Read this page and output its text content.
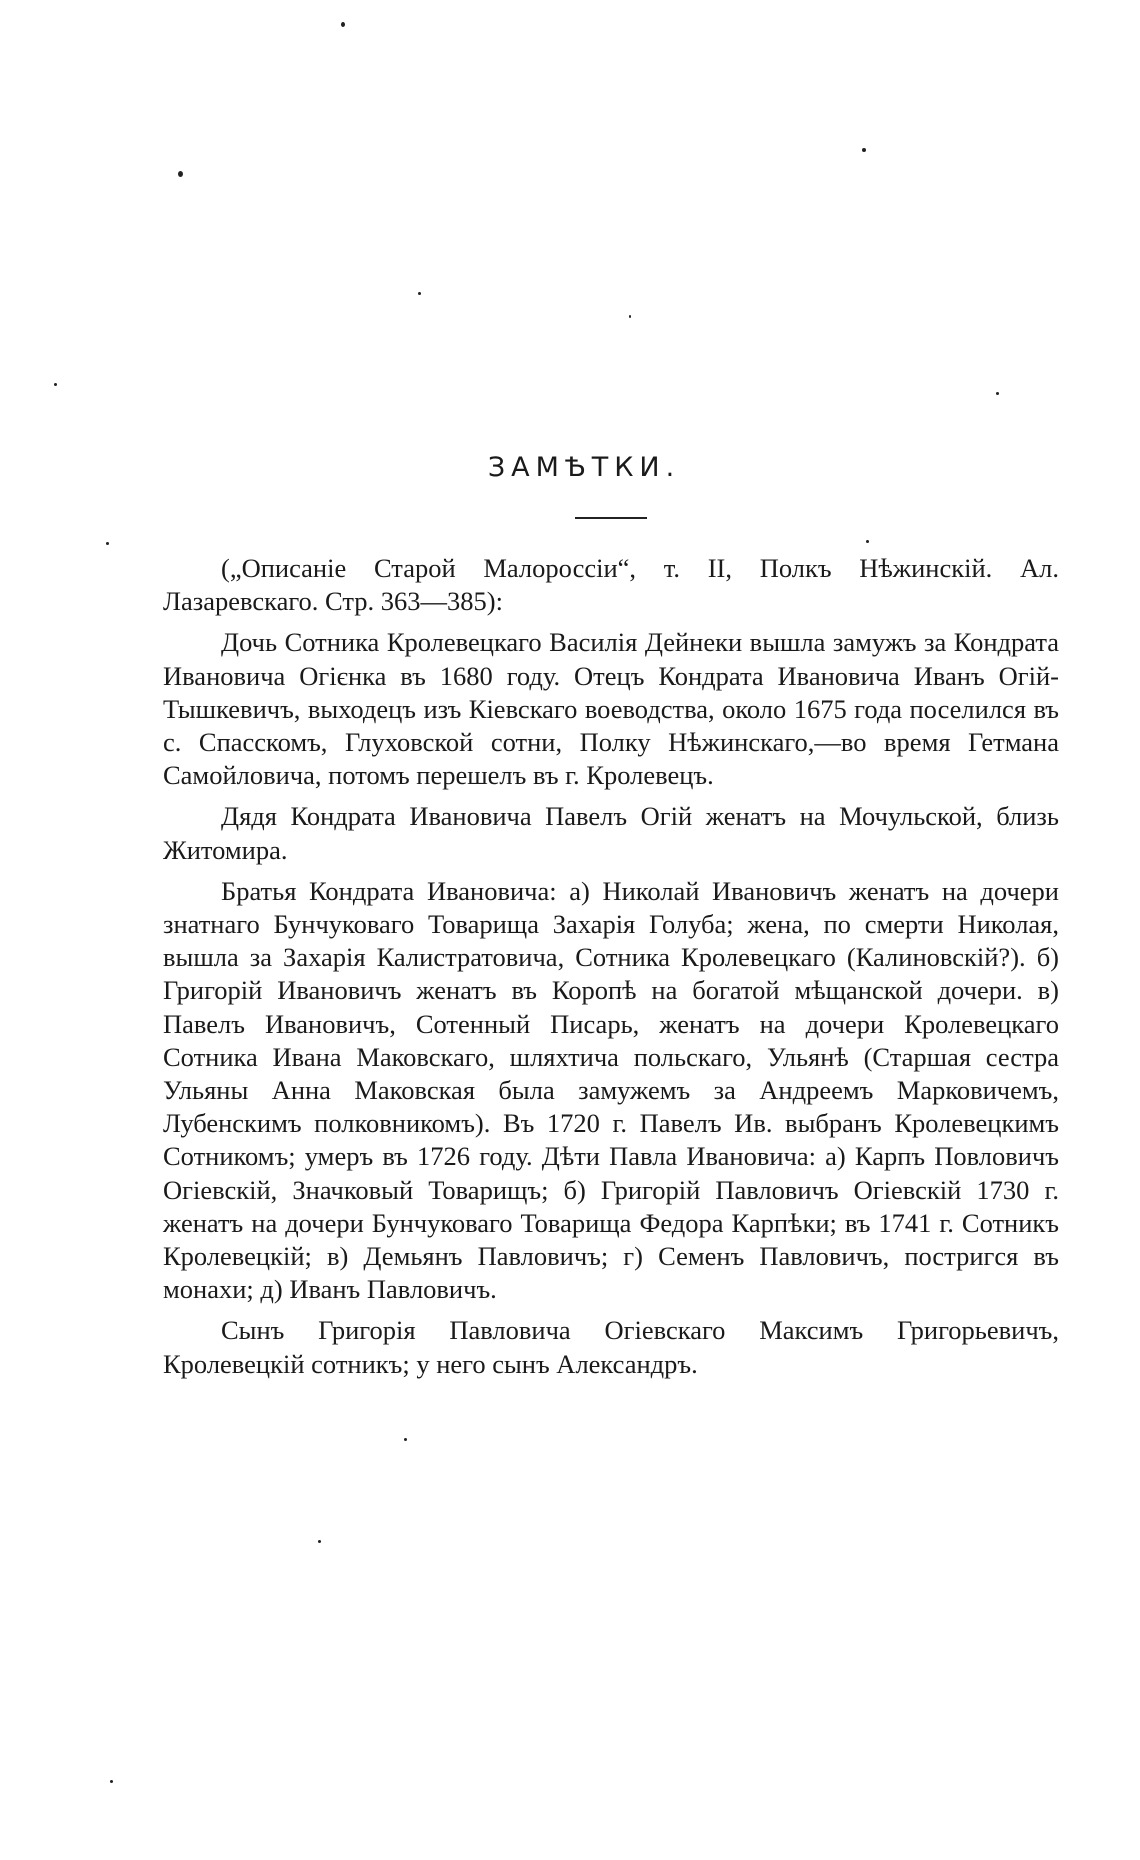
ЗАМѢТКИ.

(„Описаніе Старой Малороссіи“, т. II, Полкъ Нѣжинскій. Ал. Лазаревскаго. Стр. 363—385):

Дочь Сотника Кролевецкаго Василія Дейнеки вышла замужъ за Кондрата Ивановича Огієнка въ 1680 году. Отецъ Кондрата Ивановича Иванъ Огій-Тышкевичъ, выходецъ изъ Кіевскаго воеводства, около 1675 года поселился въ с. Спасскомъ, Глуховской сотни, Полку Нѣжинскаго,—во время Гетмана Самойловича, потомъ перешелъ въ г. Кролевецъ.

Дядя Кондрата Ивановича Павелъ Огій женатъ на Мочульской, близь Житомира.

Братья Кондрата Ивановича: а) Николай Ивановичъ женатъ на дочери знатнаго Бунчуковаго Товарища Захарія Голуба; жена, по смерти Николая, вышла за Захарія Калистратовича, Сотника Кролевецкаго (Калиновскій?). б) Григорій Ивановичъ женатъ въ Коропѣ на богатой мѣщанской дочери. в) Павелъ Ивановичъ, Сотенный Писарь, женатъ на дочери Кролевецкаго Сотника Ивана Маковскаго, шляхтича польскаго, Ульянѣ (Старшая сестра Ульяны Анна Маковская была замужемъ за Андреемъ Марковичемъ, Лубенскимъ полковникомъ). Въ 1720 г. Павелъ Ив. выбранъ Кролевецкимъ Сотникомъ; умеръ въ 1726 году. Дѣти Павла Ивановича: а) Карпъ Повловичъ Огіевскій, Значковый Товарищъ; б) Григорій Павловичъ Огіевскій 1730 г. женатъ на дочери Бунчуковаго Товарища Федора Карпѣки; въ 1741 г. Сотникъ Кролевецкій; в) Демьянъ Павловичъ; г) Семенъ Павловичъ, постригся въ монахи; д) Иванъ Павловичъ.

Сынъ Григорія Павловича Огіевскаго Максимъ Григорьевичъ, Кролевецкій сотникъ; у него сынъ Александръ.
